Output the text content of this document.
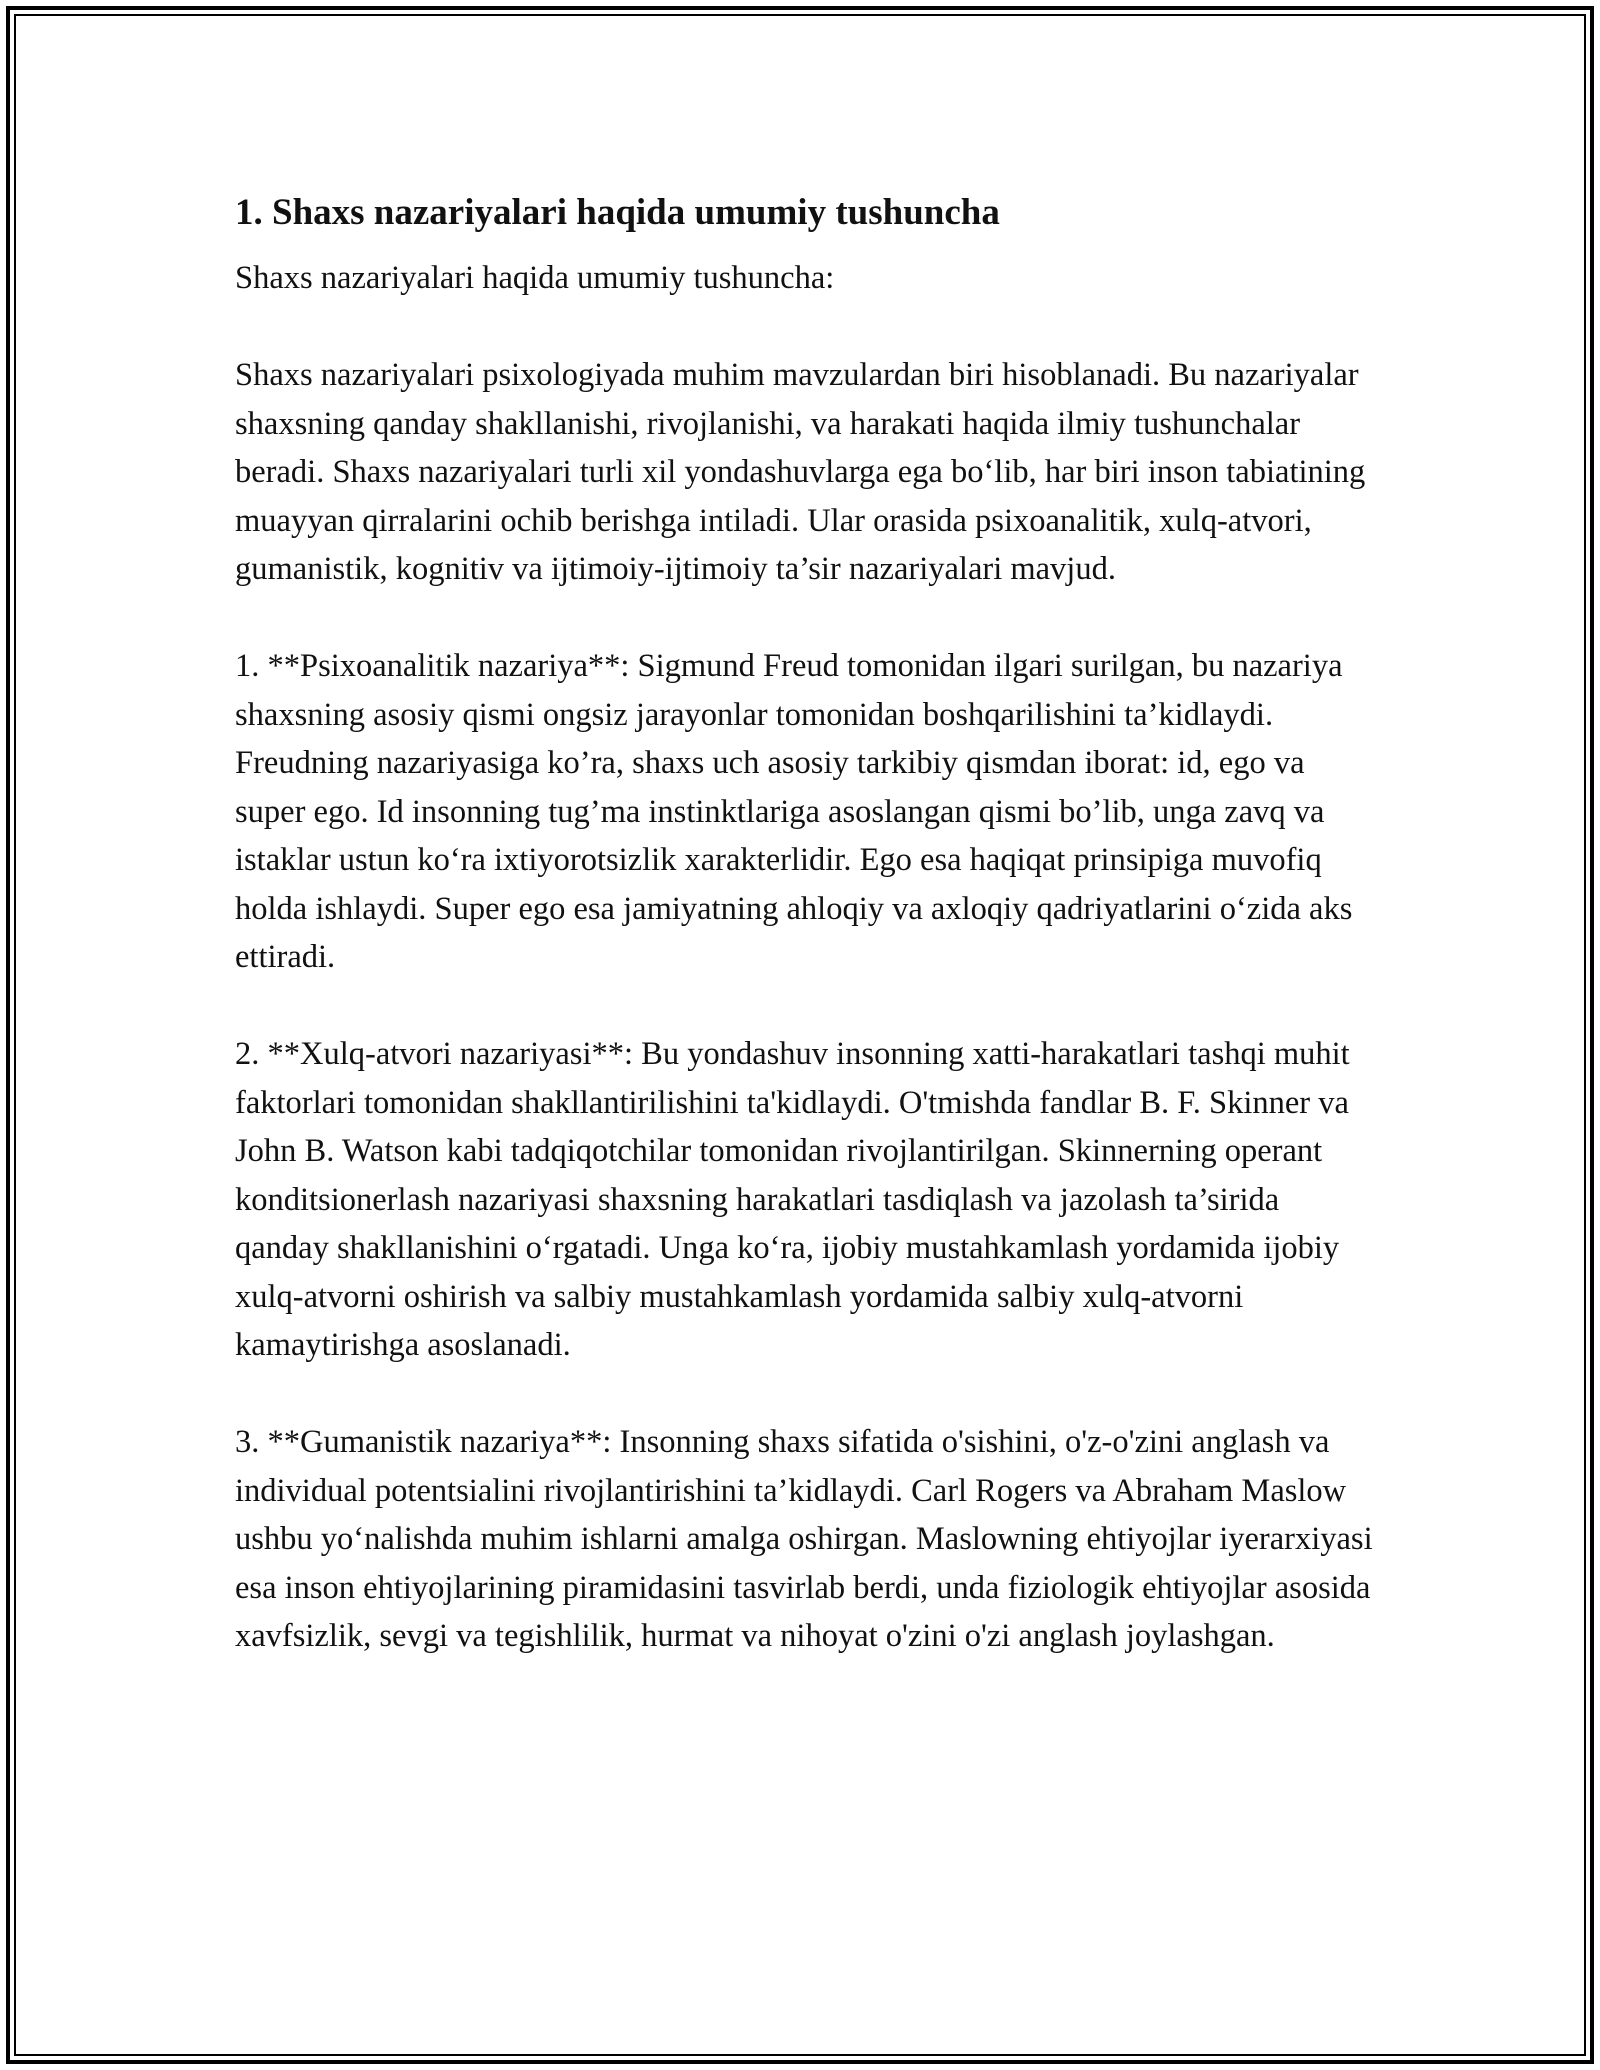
1. Shaxs nazariyalari haqida umumiy tushuncha

Shaxs nazariyalari haqida umumiy tushuncha:

Shaxs nazariyalari psixologiyada muhim mavzulardan biri hisoblanadi. Bu nazariyalar shaxsning qanday shakllanishi, rivojlanishi, va harakati haqida ilmiy tushunchalar beradi. Shaxs nazariyalari turli xil yondashuvlarga ega bo‘lib, har biri inson tabiatining muayyan qirralarini ochib berishga intiladi. Ular orasida psixoanalitik, xulq-atvori, gumanistik, kognitiv va ijtimoiy-ijtimoiy ta’sir nazariyalari mavjud.

1. **Psixoanalitik nazariya**: Sigmund Freud tomonidan ilgari surilgan, bu nazariya shaxsning asosiy qismi ongsiz jarayonlar tomonidan boshqarilishini ta’kidlaydi. Freudning nazariyasiga ko’ra, shaxs uch asosiy tarkibiy qismdan iborat: id, ego va super ego. Id insonning tug’ma instinktlariga asoslangan qismi bo’lib, unga zavq va istaklar ustun ko‘ra ixtiyorotsizlik xarakterlidir. Ego esa haqiqat prinsipiga muvofiq holda ishlaydi. Super ego esa jamiyatning ahloqiy va axloqiy qadriyatlarini o‘zida aks ettiradi.

2. **Xulq-atvori nazariyasi**: Bu yondashuv insonning xatti-harakatlari tashqi muhit faktorlari tomonidan shakllantirilishini ta'kidlaydi. O'tmishda fandlar B. F. Skinner va John B. Watson kabi tadqiqotchilar tomonidan rivojlantirilgan. Skinnerning operant konditsionerlash nazariyasi shaxsning harakatlari tasdiqlash va jazolash ta’sirida qanday shakllanishini o‘rgatadi. Unga ko‘ra, ijobiy mustahkamlash yordamida ijobiy xulq-atvorni oshirish va salbiy mustahkamlash yordamida salbiy xulq-atvorni kamaytirishga asoslanadi.

3. **Gumanistik nazariya**: Insonning shaxs sifatida o'sishini, o'z-o'zini anglash va individual potentsialini rivojlantirishini ta’kidlaydi. Carl Rogers va Abraham Maslow ushbu yo‘nalishda muhim ishlarni amalga oshirgan. Maslowning ehtiyojlar iyerarxiyasi esa inson ehtiyojlarining piramidasini tasvirlab berdi, unda fiziologik ehtiyojlar asosida xavfsizlik, sevgi va tegishlilik, hurmat va nihoyat o'zini o'zi anglash joylashgan.
